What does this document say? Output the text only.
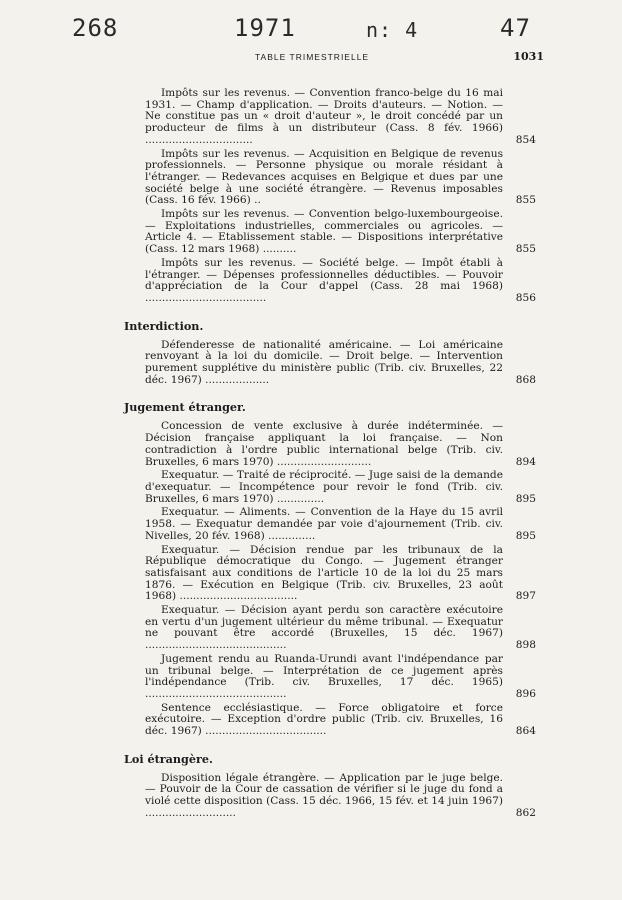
268	1971	n: 4	47
TABLE TRIMESTRIELLE	1031

Impôts sur les revenus. — Convention franco-belge du 16 mai 1931. — Champ d'application. — Droits d'auteurs. — Notion. — Ne constitue pas un « droit d'auteur », le droit concédé par un producteur de films à un distributeur (Cass. 8 fév. 1966) ................................	854

Impôts sur les revenus. — Acquisition en Belgique de revenus professionnels. — Personne physique ou morale résidant à l'étranger. — Redevances acquises en Belgique et dues par une société belge à une société étrangère. — Revenus imposables (Cass. 16 fév. 1966) ..	855

Impôts sur les revenus. — Convention belgo-luxembourgeoise. — Exploitations industrielles, commerciales ou agricoles. — Article 4. — Etablissement stable. — Dispositions interprétative (Cass. 12 mars 1968) ..........	855

Impôts sur les revenus. — Société belge. — Impôt établi à l'étranger. — Dépenses professionnelles déductibles. — Pouvoir d'appréciation de la Cour d'appel (Cass. 28 mai 1968) ....................................	856
Interdiction.

Défenderesse de nationalité américaine. — Loi américaine renvoyant à la loi du domicile. — Droit belge. — Intervention purement supplétive du ministère public (Trib. civ. Bruxelles, 22 déc. 1967) ...................	868
Jugement étranger.

Concession de vente exclusive à durée indéterminée. — Décision française appliquant la loi française. — Non contradiction à l'ordre public international belge (Trib. civ. Bruxelles, 6 mars 1970) ............................	894

Exequatur. — Traité de réciprocité. — Juge saisi de la demande d'exequatur. — Incompétence pour revoir le fond (Trib. civ. Bruxelles, 6 mars 1970) ..............	895

Exequatur. — Aliments. — Convention de la Haye du 15 avril 1958. — Exequatur demandée par voie d'ajournement (Trib. civ. Nivelles, 20 fév. 1968) ..............	895

Exequatur. — Décision rendue par les tribunaux de la République démocratique du Congo. — Jugement étranger satisfaisant aux conditions de l'article 10 de la loi du 25 mars 1876. — Exécution en Belgique (Trib. civ. Bruxelles, 23 août 1968) ...................................	897

Exequatur. — Décision ayant perdu son caractère exécutoire en vertu d'un jugement ultérieur du même tribunal. — Exequatur ne pouvant être accordé (Bruxelles, 15 déc. 1967) ..........................................	898

Jugement rendu au Ruanda-Urundi avant l'indépendance par un tribunal belge. — Interprétation de ce jugement après l'indépendance (Trib. civ. Bruxelles, 17 déc. 1965) ..........................................	896

Sentence ecclésiastique. — Force obligatoire et force exécutoire. — Exception d'ordre public (Trib. civ. Bruxelles, 16 déc. 1967) ....................................	864
Loi étrangère.

Disposition légale étrangère. — Application par le juge belge. — Pouvoir de la Cour de cassation de vérifier si le juge du fond a violé cette disposition (Cass. 15 déc. 1966, 15 fév. et 14 juin 1967) ...........................	862
